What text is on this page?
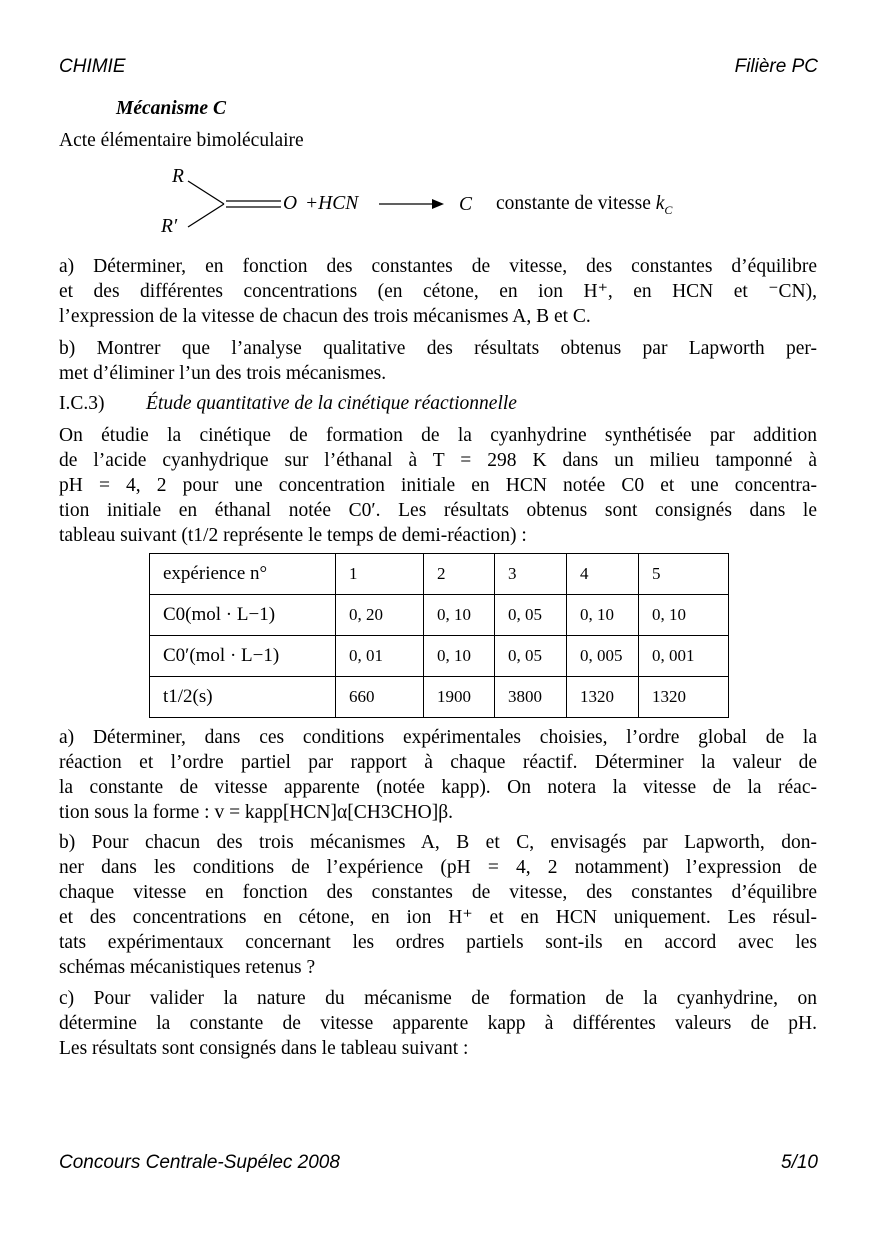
CHIMIE	Filière PC
Mécanisme C
Acte élémentaire bimoléculaire
R
R′
O +HCN	C constante de vitesse $k_C$
a) Déterminer, en fonction des constantes de vitesse, des constantes d’équilibre
et des différentes concentrations (en cétone, en ion H⁺, en HCN et ⁻CN),
l’expression de la vitesse de chacun des trois mécanismes A, B et C.
b) Montrer que l’analyse qualitative des résultats obtenus par Lapworth per-
met d’éliminer l’un des trois mécanismes.
I.C.3) Étude quantitative de la cinétique réactionnelle
On étudie la cinétique de formation de la cyanhydrine synthétisée par addition
de l’acide cyanhydrique sur l’éthanal à T = 298 K dans un milieu tamponné à
pH = 4, 2 pour une concentration initiale en HCN notée C0 et une concentra-
tion initiale en éthanal notée C0′. Les résultats obtenus sont consignés dans le
tableau suivant (t1/2 représente le temps de demi-réaction) :
expérience n°	1	2	3	4	5
C0(mol · L−1)	0, 20	0, 10	0, 05	0, 10	0, 10
C0′(mol · L−1)	0, 01	0, 10	0, 05	0, 005	0, 001
t1/2(s)	660	1900	3800	1320	1320
a) Déterminer, dans ces conditions expérimentales choisies, l’ordre global de la
réaction et l’ordre partiel par rapport à chaque réactif. Déterminer la valeur de
la constante de vitesse apparente (notée kapp). On notera la vitesse de la réac-
tion sous la forme : v = kapp[HCN]α[CH3CHO]β.
b) Pour chacun des trois mécanismes A, B et C, envisagés par Lapworth, don-
ner dans les conditions de l’expérience (pH = 4, 2 notamment) l’expression de
chaque vitesse en fonction des constantes de vitesse, des constantes d’équilibre
et des concentrations en cétone, en ion H⁺ et en HCN uniquement. Les résul-
tats expérimentaux concernant les ordres partiels sont-ils en accord avec les
schémas mécanistiques retenus ?
c) Pour valider la nature du mécanisme de formation de la cyanhydrine, on
détermine la constante de vitesse apparente kapp à différentes valeurs de pH.
Les résultats sont consignés dans le tableau suivant :
Concours Centrale-Supélec 2008	5/10
